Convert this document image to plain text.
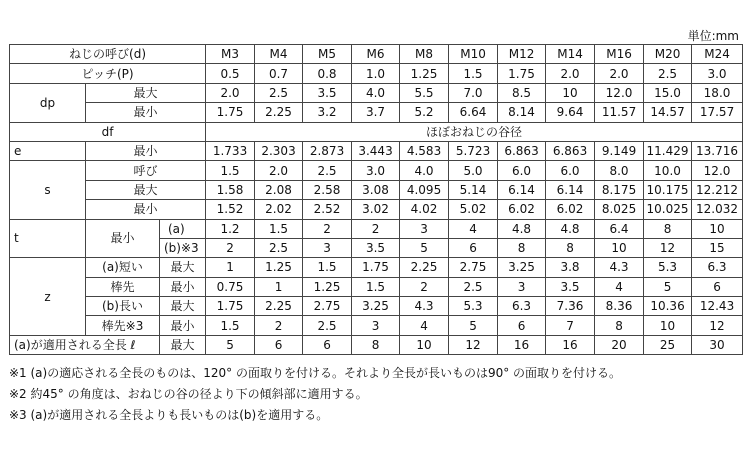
単位:mm
ねじの呼び(d)			M3	M4	M5	M6	M8	M10	M12	M14	M16	M20	M24
ピッチ(P)			0.5	0.7	0.8	1.0	1.25	1.5	1.75	2.0	2.0	2.5	3.0
dp	最大		2.0	2.5	3.5	4.0	5.5	7.0	8.5	10	12.0	15.0	18.0
	最小		1.75	2.25	3.2	3.7	5.2	6.64	8.14	9.64	11.57	14.57	17.57
df			ほぼおねじの谷径										
e	最小		1.733	2.303	2.873	3.443	4.583	5.723	6.863	6.863	9.149	11.429	13.716
s	呼び		1.5	2.0	2.5	3.0	4.0	5.0	6.0	6.0	8.0	10.0	12.0
	最大		1.58	2.08	2.58	3.08	4.095	5.14	6.14	6.14	8.175	10.175	12.212
	最小		1.52	2.02	2.52	3.02	4.02	5.02	6.02	6.02	8.025	10.025	12.032
t	最小	(a)	1.2	1.5	2	2	3	4	4.8	4.8	6.4	8	10
		(b)※3	2	2.5	3	3.5	5	6	8	8	10	12	15
z	(a)短い	最大	1	1.25	1.5	1.75	2.25	2.75	3.25	3.8	4.3	5.3	6.3
	棒先	最小	0.75	1	1.25	1.5	2	2.5	3	3.5	4	5	6
	(b)長い	最大	1.75	2.25	2.75	3.25	4.3	5.3	6.3	7.36	8.36	10.36	12.43
	棒先※3	最小	1.5	2	2.5	3	4	5	6	7	8	10	12
(a)が適用される全長 ℓ		最大	5	6	6	8	10	12	16	16	20	25	30
※1 (a)の適応される全長のものは、120° の面取りを付ける。それより全長が長いものは90° の面取りを付ける。
※2 約45° の角度は、おねじの谷の径より下の傾斜部に適用する。
※3 (a)が適用される全長よりも長いものは(b)を適用する。
